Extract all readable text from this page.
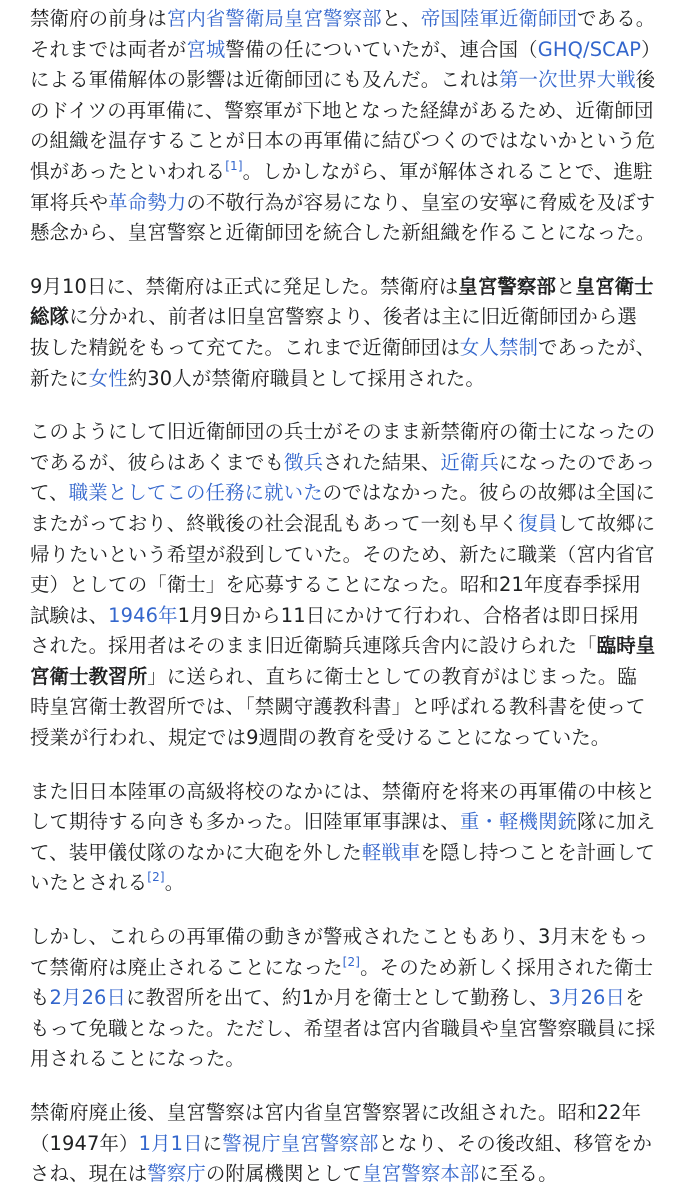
禁衛府の前身は宮内省警衛局皇宮警察部と、帝国陸軍近衛師団である。それまでは両者が宮城警備の任についていたが、連合国（GHQ/SCAP）による軍備解体の影響は近衛師団にも及んだ。これは第一次世界大戦後のドイツの再軍備に、警察軍が下地となった経緯があるため、近衛師団の組織を温存することが日本の再軍備に結びつくのではないかという危惧があったといわれる[1]。しかしながら、軍が解体されることで、進駐軍将兵や革命勢力の不敬行為が容易になり、皇室の安寧に脅威を及ぼす懸念から、皇宮警察と近衛師団を統合した新組織を作ることになった。

9月10日に、禁衛府は正式に発足した。禁衛府は皇宮警察部と皇宮衛士総隊に分かれ、前者は旧皇宮警察より、後者は主に旧近衛師団から選抜した精鋭をもって充てた。これまで近衛師団は女人禁制であったが、新たに女性約30人が禁衛府職員として採用された。

このようにして旧近衛師団の兵士がそのまま新禁衛府の衛士になったのであるが、彼らはあくまでも徴兵された結果、近衛兵になったのであって、職業としてこの任務に就いたのではなかった。彼らの故郷は全国にまたがっており、終戦後の社会混乱もあって一刻も早く復員して故郷に帰りたいという希望が殺到していた。そのため、新たに職業（宮内省官吏）としての「衛士」を応募することになった。昭和21年度春季採用試験は、1946年1月9日から11日にかけて行われ、合格者は即日採用された。採用者はそのまま旧近衛騎兵連隊兵舎内に設けられた「臨時皇宮衛士教習所」に送られ、直ちに衛士としての教育がはじまった。臨時皇宮衛士教習所では、「禁闕守護教科書」と呼ばれる教科書を使って授業が行われ、規定では9週間の教育を受けることになっていた。

また旧日本陸軍の高級将校のなかには、禁衛府を将来の再軍備の中核として期待する向きも多かった。旧陸軍軍事課は、重・軽機関銃隊に加えて、装甲儀仗隊のなかに大砲を外した軽戦車を隠し持つことを計画していたとされる[2]。

しかし、これらの再軍備の動きが警戒されたこともあり、3月末をもって禁衛府は廃止されることになった[2]。そのため新しく採用された衛士も2月26日に教習所を出て、約1か月を衛士として勤務し、3月26日をもって免職となった。ただし、希望者は宮内省職員や皇宮警察職員に採用されることになった。

禁衛府廃止後、皇宮警察は宮内省皇宮警察署に改組された。昭和22年（1947年）1月1日に警視庁皇宮警察部となり、その後改組、移管をかさね、現在は警察庁の附属機関として皇宮警察本部に至る。
